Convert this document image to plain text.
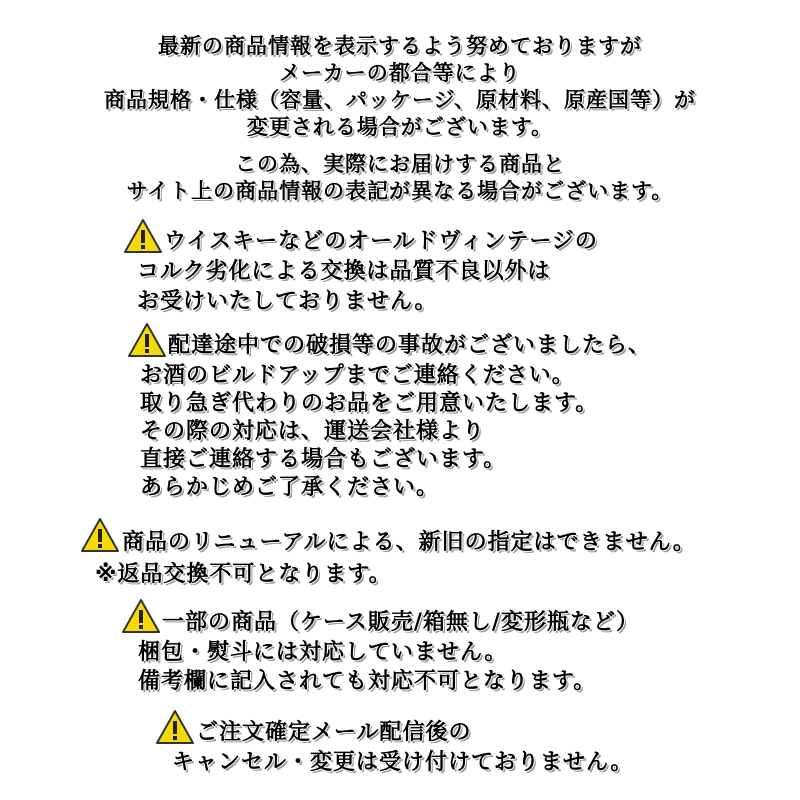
最新の商品情報を表示するよう努めておりますが
メーカーの都合等により
商品規格・仕様（容量、パッケージ、原材料、原産国等）が
変更される場合がございます。
この為、実際にお届けする商品と
サイト上の商品情報の表記が異なる場合がございます。
ウイスキーなどのオールドヴィンテージの
コルク劣化による交換は品質不良以外は
お受けいたしておりません。
配達途中での破損等の事故がございましたら、
お酒のビルドアップまでご連絡ください。
取り急ぎ代わりのお品をご用意いたします。
その際の対応は、運送会社様より
直接ご連絡する場合もございます。
あらかじめご了承ください。
商品のリニューアルによる、新旧の指定はできません。
※返品交換不可となります。
一部の商品（ケース販売/箱無し/変形瓶など）
梱包・熨斗には対応していません。
備考欄に記入されても対応不可となります。
ご注文確定メール配信後の
キャンセル・変更は受け付けておりません。
